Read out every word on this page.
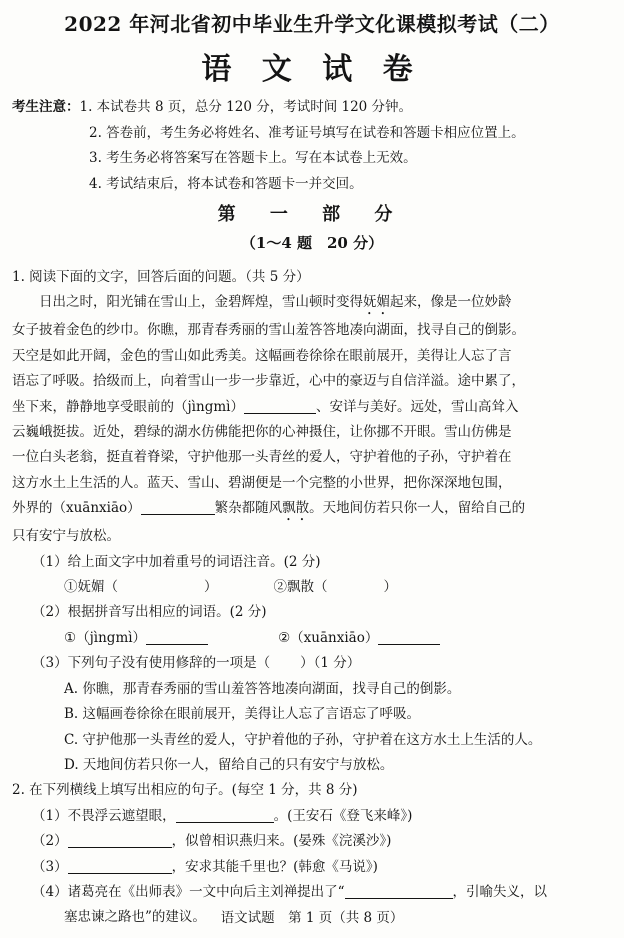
2022 年河北省初中毕业生升学文化课模拟考试（二）
语 文 试 卷
考生注意：1. 本试卷共 8 页，总分 120 分，考试时间 120 分钟。
2. 答卷前，考生务必将姓名、准考证号填写在试卷和答题卡相应位置上。
3. 考生务必将答案写在答题卡上。写在本试卷上无效。
4. 考试结束后，将本试卷和答题卡一并交回。
第 一 部 分
（1～4 题　20 分）
1. 阅读下面的文字，回答后面的问题。（共 5 分）
日出之时，阳光铺在雪山上，金碧辉煌，雪山顿时变得妩媚起来，像是一位妙龄
女子披着金色的纱巾。你瞧，那青春秀丽的雪山羞答答地凑向湖面，找寻自己的倒影。
天空是如此开阔，金色的雪山如此秀美。这幅画卷徐徐在眼前展开，美得让人忘了言
语忘了呼吸。拾级而上，向着雪山一步一步靠近，心中的豪迈与自信洋溢。途中累了，
坐下来，静静地享受眼前的（jìngmì）	、安详与美好。远处，雪山高耸入
云巍峨挺拔。近处，碧绿的湖水仿佛能把你的心神摄住，让你挪不开眼。雪山仿佛是
一位白头老翁，挺直着脊梁，守护他那一头青丝的爱人，守护着他的子孙，守护着在
这方水土上生活的人。蓝天、雪山、碧湖便是一个完整的小世界，把你深深地包围，
外界的（xuānxiāo）	繁杂都随风飘散。天地间仿若只你一人，留给自己的
只有安宁与放松。
（1）给上面文字中加着重号的词语注音。(2 分)
①妩媚（	）	②飘散（	）
（2）根据拼音写出相应的词语。(2 分)
①（jìngmì）	②（xuānxiāo）
（3）下列句子没有使用修辞的一项是（ ）（1 分）
A. 你瞧，那青春秀丽的雪山羞答答地凑向湖面，找寻自己的倒影。
B. 这幅画卷徐徐在眼前展开，美得让人忘了言语忘了呼吸。
C. 守护他那一头青丝的爱人，守护着他的子孙，守护着在这方水土上生活的人。
D. 天地间仿若只你一人，留给自己的只有安宁与放松。
2. 在下列横线上填写出相应的句子。(每空 1 分，共 8 分)
（1）不畏浮云遮望眼，	。(王安石《登飞来峰》)
（2）	，似曾相识燕归来。(晏殊《浣溪沙》)
（3）	，安求其能千里也？(韩愈《马说》)
（4）诸葛亮在《出师表》一文中向后主刘禅提出了“	，引喻失义，以
塞忠谏之路也”的建议。	语文试题　第 1 页（共 8 页）
